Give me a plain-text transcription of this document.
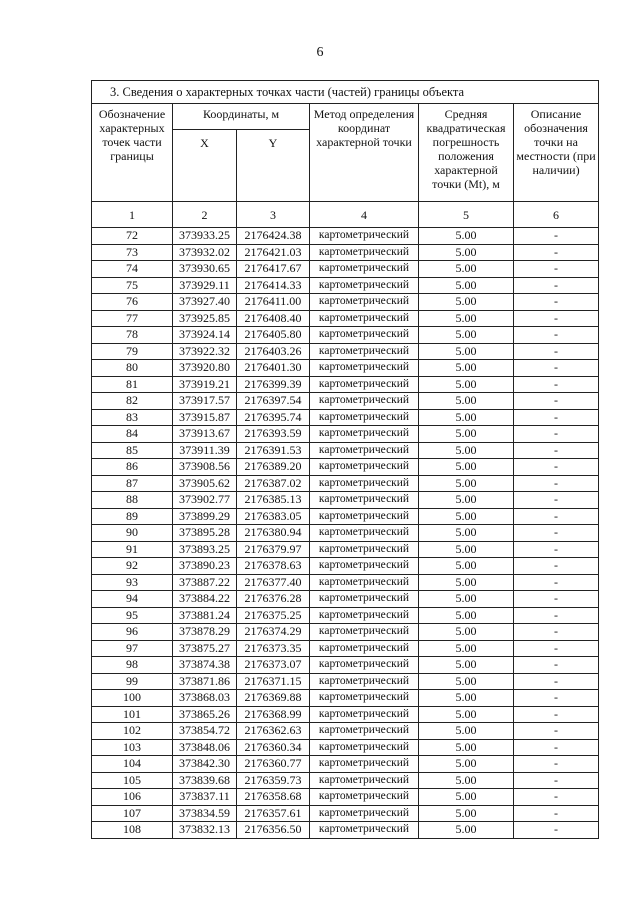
6
3. Сведения о характерных точках части (частей) границы объекта					
Обозначение характерных точек части границы	Координаты, м		Метод определения координат характерной точки	Средняя квадратическая погрешность положения характерной точки (Mt), м	Описание обозначения точки на местности (при наличии)
	X	Y			
1	2	3	4	5	6
72	373933.25	2176424.38	картометрический	5.00	-
73	373932.02	2176421.03	картометрический	5.00	-
74	373930.65	2176417.67	картометрический	5.00	-
75	373929.11	2176414.33	картометрический	5.00	-
76	373927.40	2176411.00	картометрический	5.00	-
77	373925.85	2176408.40	картометрический	5.00	-
78	373924.14	2176405.80	картометрический	5.00	-
79	373922.32	2176403.26	картометрический	5.00	-
80	373920.80	2176401.30	картометрический	5.00	-
81	373919.21	2176399.39	картометрический	5.00	-
82	373917.57	2176397.54	картометрический	5.00	-
83	373915.87	2176395.74	картометрический	5.00	-
84	373913.67	2176393.59	картометрический	5.00	-
85	373911.39	2176391.53	картометрический	5.00	-
86	373908.56	2176389.20	картометрический	5.00	-
87	373905.62	2176387.02	картометрический	5.00	-
88	373902.77	2176385.13	картометрический	5.00	-
89	373899.29	2176383.05	картометрический	5.00	-
90	373895.28	2176380.94	картометрический	5.00	-
91	373893.25	2176379.97	картометрический	5.00	-
92	373890.23	2176378.63	картометрический	5.00	-
93	373887.22	2176377.40	картометрический	5.00	-
94	373884.22	2176376.28	картометрический	5.00	-
95	373881.24	2176375.25	картометрический	5.00	-
96	373878.29	2176374.29	картометрический	5.00	-
97	373875.27	2176373.35	картометрический	5.00	-
98	373874.38	2176373.07	картометрический	5.00	-
99	373871.86	2176371.15	картометрический	5.00	-
100	373868.03	2176369.88	картометрический	5.00	-
101	373865.26	2176368.99	картометрический	5.00	-
102	373854.72	2176362.63	картометрический	5.00	-
103	373848.06	2176360.34	картометрический	5.00	-
104	373842.30	2176360.77	картометрический	5.00	-
105	373839.68	2176359.73	картометрический	5.00	-
106	373837.11	2176358.68	картометрический	5.00	-
107	373834.59	2176357.61	картометрический	5.00	-
108	373832.13	2176356.50	картометрический	5.00	-
